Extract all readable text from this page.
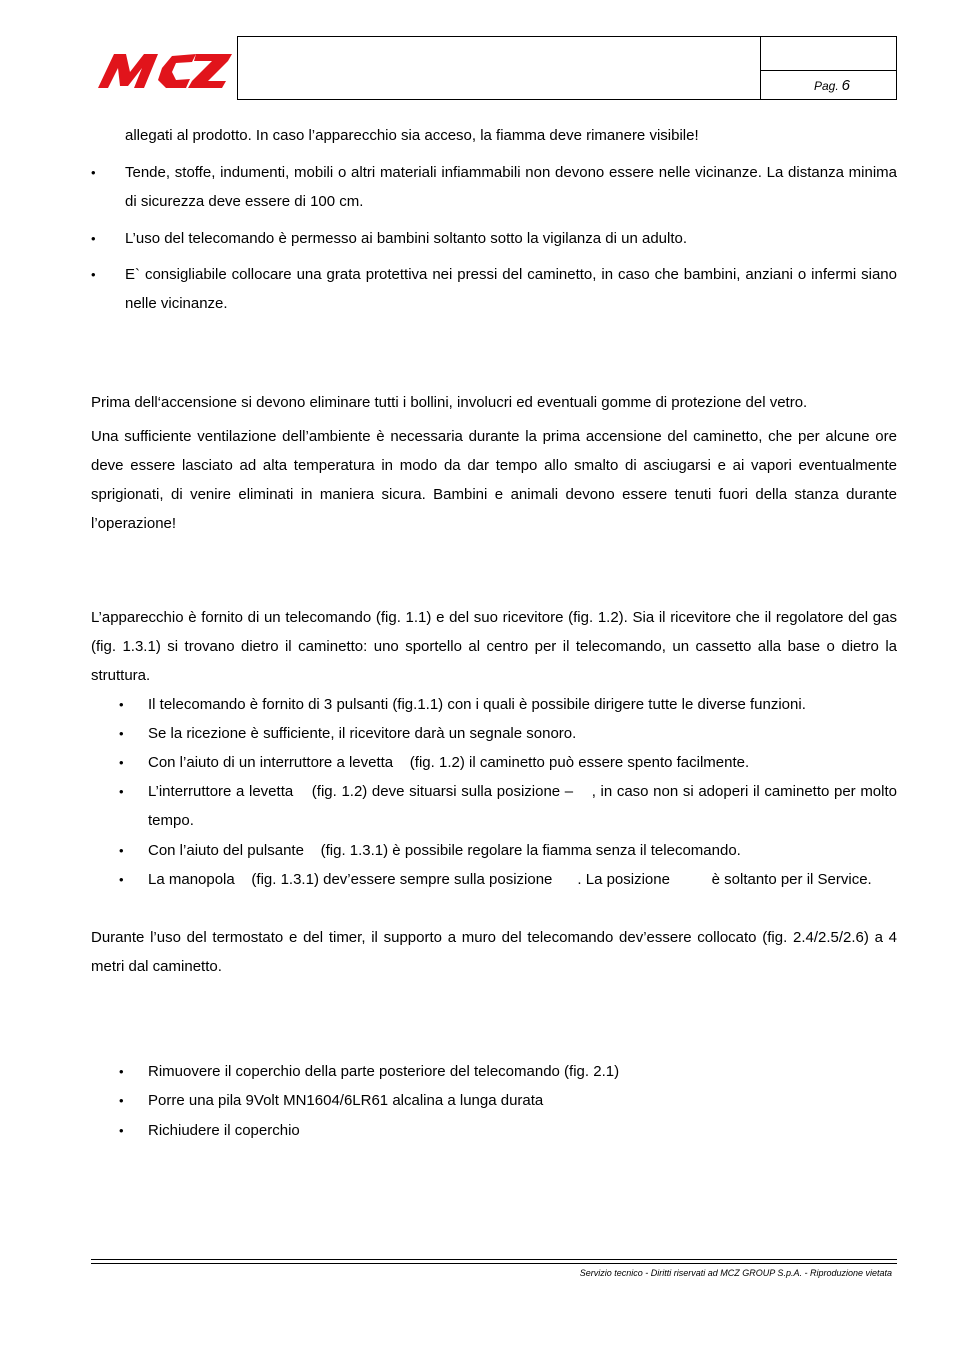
Pag. 6

allegati al prodotto. In caso l’apparecchio sia acceso, la fiamma deve rimanere visibile!

• Tende, stoffe, indumenti, mobili o altri materiali infiammabili non devono essere nelle vicinanze. La distanza minima di sicurezza deve essere di 100 cm.

• L’uso del telecomando è permesso ai bambini soltanto sotto la vigilanza di un adulto.

• E` consigliabile collocare una grata protettiva nei pressi del caminetto, in caso che bambini, anziani o infermi siano nelle vicinanze.

Prima dell‘accensione si devono eliminare tutti i bollini, involucri ed eventuali gomme di protezione del vetro.

Una sufficiente ventilazione dell’ambiente è necessaria durante la prima accensione del caminetto, che per alcune ore deve essere lasciato ad alta temperatura in modo da dar tempo allo smalto di asciugarsi e ai vapori eventualmente sprigionati, di venire eliminati in maniera sicura. Bambini e animali devono essere tenuti fuori della stanza durante l’operazione!

L’apparecchio è fornito di un telecomando (fig. 1.1) e del suo ricevitore (fig. 1.2). Sia il ricevitore che il regolatore del gas (fig. 1.3.1) si trovano dietro il caminetto: uno sportello al centro per il telecomando, un cassetto alla base o dietro la struttura.

• Il telecomando è fornito di 3 pulsanti (fig.1.1) con i quali è possibile dirigere tutte le diverse funzioni.

• Se la ricezione è sufficiente, il ricevitore darà un segnale sonoro.

• Con l’aiuto di un interruttore a levetta    (fig. 1.2) il caminetto può essere spento facilmente.

• L’interruttore a levetta    (fig. 1.2) deve situarsi sulla posizione –    , in caso non si adoperi il caminetto per molto tempo.

• Con l’aiuto del pulsante    (fig. 1.3.1) è possibile regolare la fiamma senza il telecomando.

• La manopola    (fig. 1.3.1) dev’essere sempre sulla posizione      . La posizione          è soltanto per il Service.

Durante l’uso del termostato e del timer, il supporto a muro del telecomando dev’essere collocato (fig. 2.4/2.5/2.6) a 4 metri dal caminetto.

• Rimuovere il coperchio della parte posteriore del telecomando (fig. 2.1)

• Porre una pila 9Volt MN1604/6LR61 alcalina a lunga durata

• Richiudere il coperchio

Servizio tecnico - Diritti riservati ad MCZ GROUP S.p.A. - Riproduzione vietata
